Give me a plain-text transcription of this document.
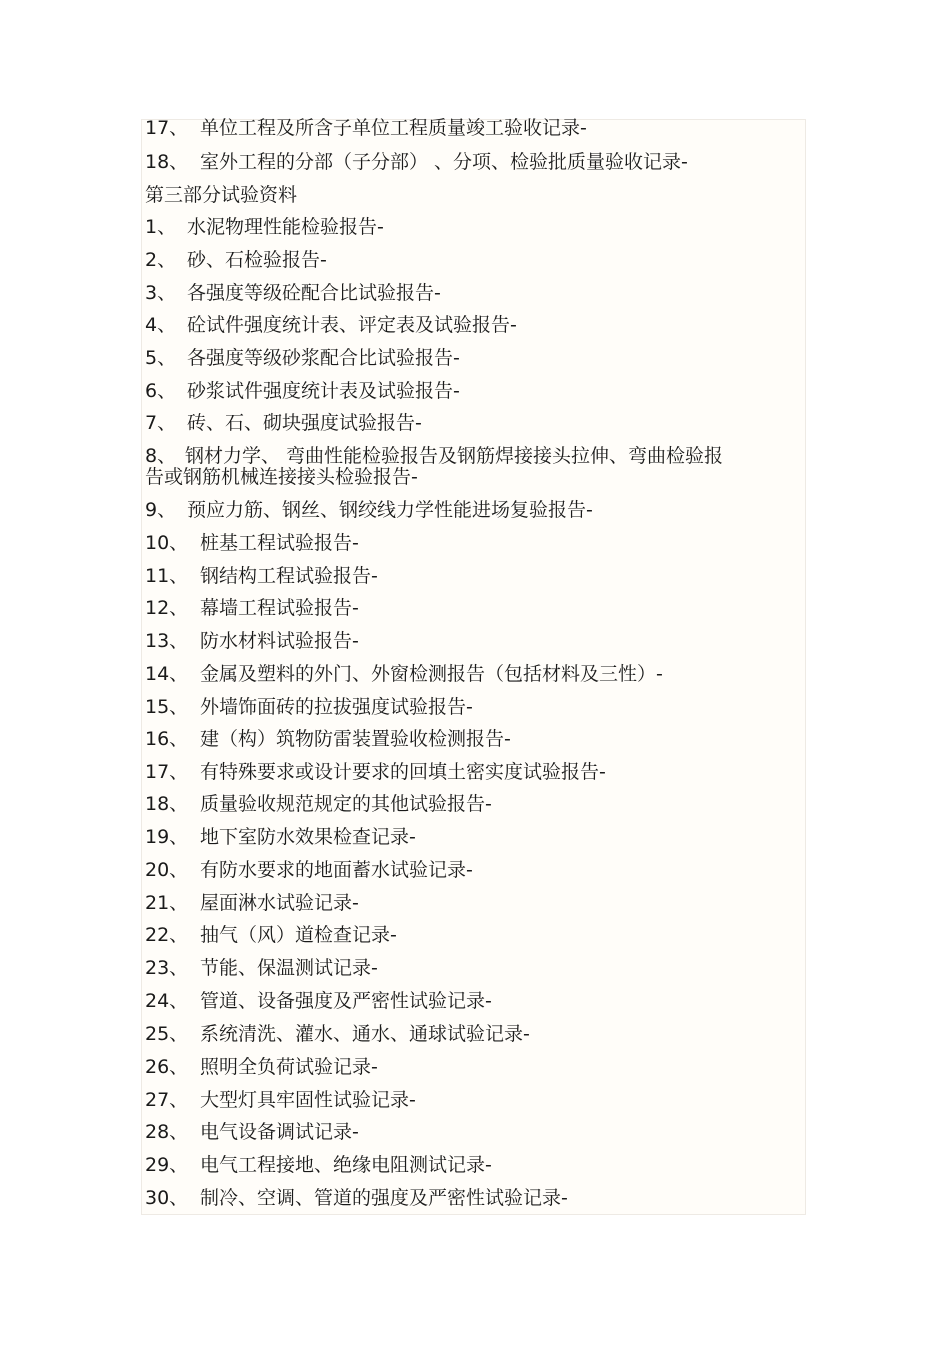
17、 单位工程及所含子单位工程质量竣工验收记录-
18、 室外工程的分部（子分部） 、分项、检验批质量验收记录-
第三部分试验资料
1、 水泥物理性能检验报告-
2、 砂、石检验报告-
3、 各强度等级砼配合比试验报告-
4、 砼试件强度统计表、评定表及试验报告-
5、 各强度等级砂浆配合比试验报告-
6、 砂浆试件强度统计表及试验报告-
7、 砖、石、砌块强度试验报告-
8、 钢材力学、 弯曲性能检验报告及钢筋焊接接头拉伸、弯曲检验报
告或钢筋机械连接接头检验报告-
9、 预应力筋、钢丝、钢绞线力学性能进场复验报告-
10、 桩基工程试验报告-
11、 钢结构工程试验报告-
12、 幕墙工程试验报告-
13、 防水材料试验报告-
14、 金属及塑料的外门、外窗检测报告（包括材料及三性）-
15、 外墙饰面砖的拉拔强度试验报告-
16、 建（构）筑物防雷装置验收检测报告-
17、 有特殊要求或设计要求的回填土密实度试验报告-
18、 质量验收规范规定的其他试验报告-
19、 地下室防水效果检查记录-
20、 有防水要求的地面蓄水试验记录-
21、 屋面淋水试验记录-
22、 抽气（风）道检查记录-
23、 节能、保温测试记录-
24、 管道、设备强度及严密性试验记录-
25、 系统清洗、灌水、通水、通球试验记录-
26、 照明全负荷试验记录-
27、 大型灯具牢固性试验记录-
28、 电气设备调试记录-
29、 电气工程接地、绝缘电阻测试记录-
30、 制冷、空调、管道的强度及严密性试验记录-
